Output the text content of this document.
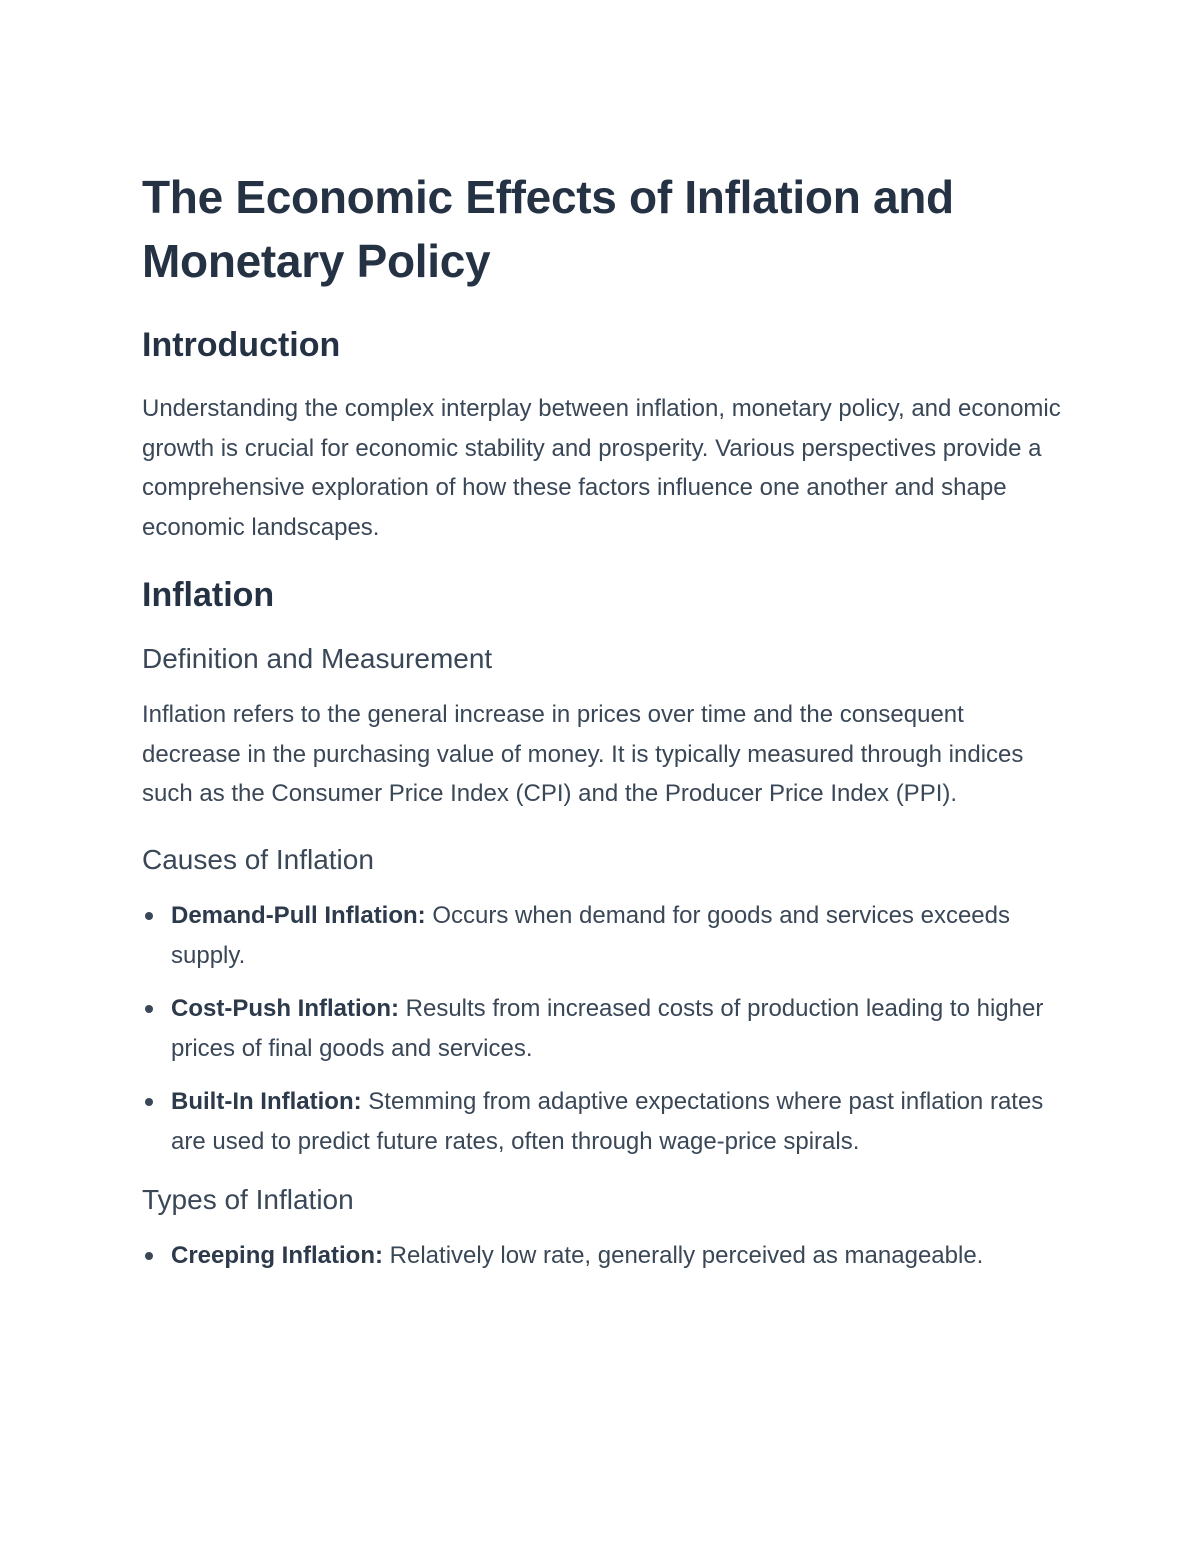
The Economic Effects of Inflation and Monetary Policy
Introduction

Understanding the complex interplay between inflation, monetary policy, and economic growth is crucial for economic stability and prosperity. Various perspectives provide a comprehensive exploration of how these factors influence one another and shape economic landscapes.

Inflation
Definition and Measurement

Inflation refers to the general increase in prices over time and the consequent decrease in the purchasing value of money. It is typically measured through indices such as the Consumer Price Index (CPI) and the Producer Price Index (PPI).

Causes of Inflation
Demand-Pull Inflation: Occurs when demand for goods and services exceeds supply.
Cost-Push Inflation: Results from increased costs of production leading to higher prices of final goods and services.
Built-In Inflation: Stemming from adaptive expectations where past inflation rates are used to predict future rates, often through wage-price spirals.
Types of Inflation
Creeping Inflation: Relatively low rate, generally perceived as manageable.
